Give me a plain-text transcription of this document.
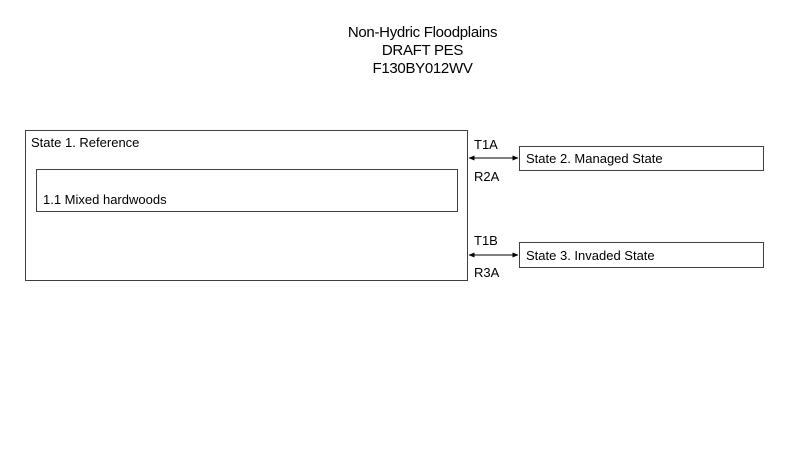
Non-Hydric Floodplains
DRAFT PES
F130BY012WV
State 1. Reference
1.1 Mixed hardwoods
State 2. Managed State
State 3. Invaded State
T1A
R2A
T1B
R3A
